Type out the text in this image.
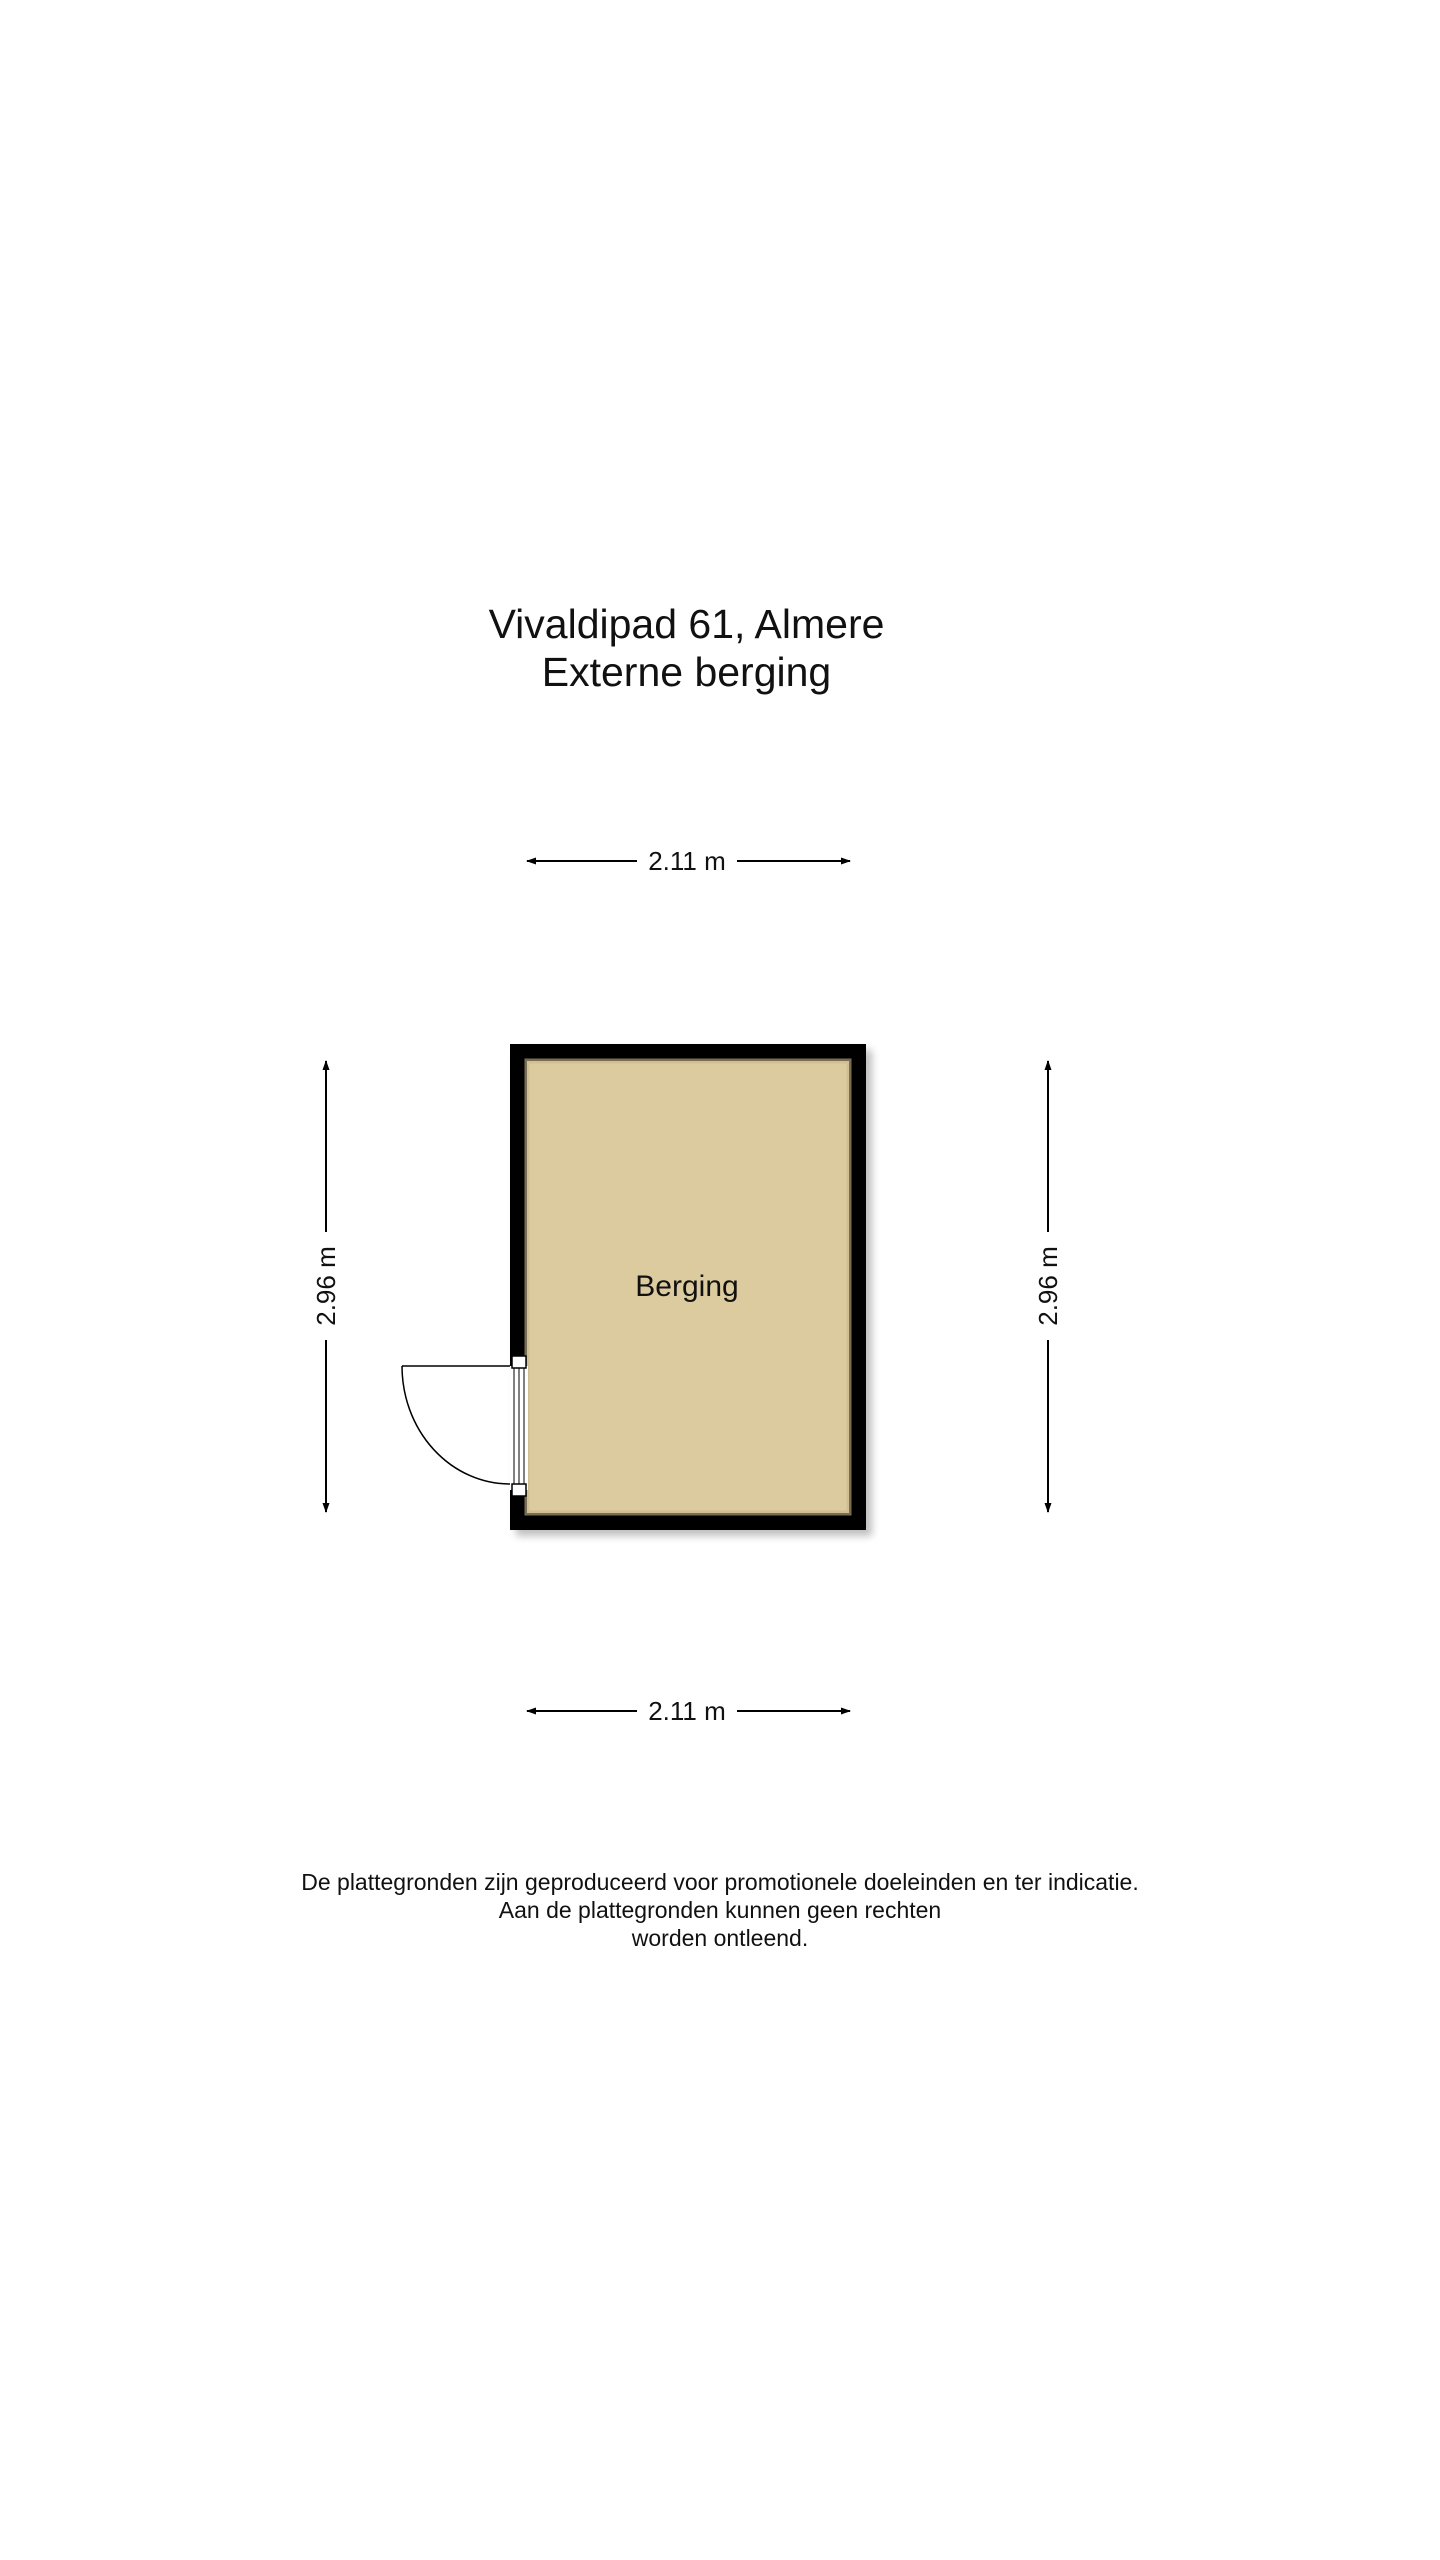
Vivaldipad 61, Almere
Externe berging
2.11 m
Berging
2.96 m	2.96 m
2.11 m
De plattegronden zijn geproduceerd voor promotionele doeleinden en ter indicatie.
Aan de plattegronden kunnen geen rechten
worden ontleend.
